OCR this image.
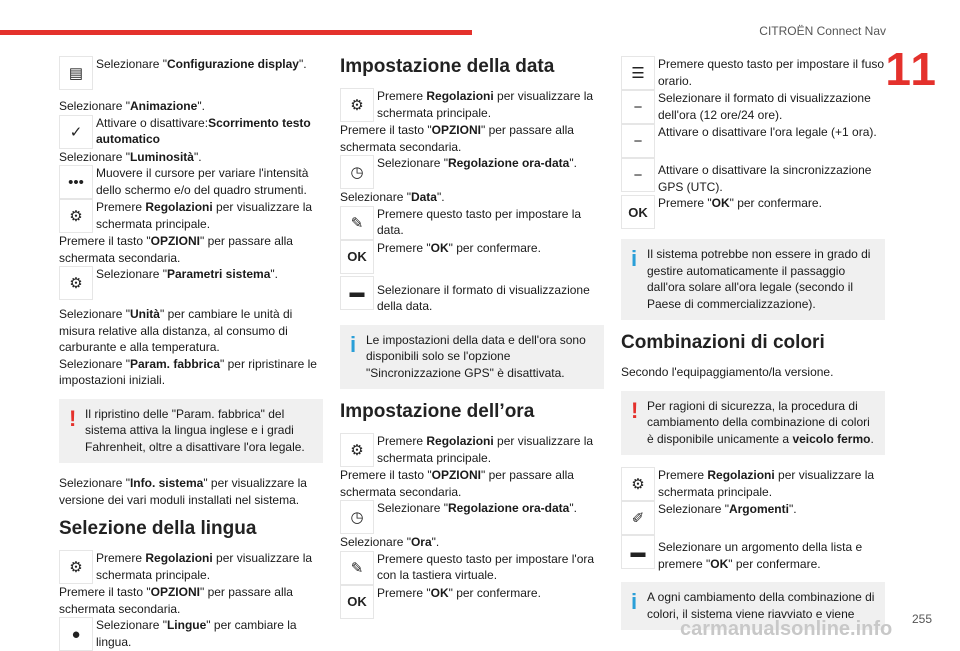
CITROËN Connect Nav
11
▤
Selezionare "Configurazione display".

Selezionare "Animazione".

✓
Attivare o disattivare:Scorrimento testo automatico

Selezionare "Luminosità".

•••
Muovere il cursore per variare l'intensità dello schermo e/o del quadro strumenti.
⚙
Premere Regolazioni per visualizzare la schermata principale.

Premere il tasto "OPZIONI" per passare alla schermata secondaria.

⚙
Selezionare "Parametri sistema".

Selezionare "Unità" per cambiare le unità di misura relative alla distanza, al consumo di carburante e alla temperatura.

Selezionare "Param. fabbrica" per ripristinare le impostazioni iniziali.

! Il ripristino delle "Param. fabbrica" del sistema attiva la lingua inglese e i gradi Fahrenheit, oltre a disattivare l'ora legale.

Selezionare "Info. sistema" per visualizzare la versione dei vari moduli installati nel sistema.

Selezione della lingua
⚙
Premere Regolazioni per visualizzare la schermata principale.

Premere il tasto "OPZIONI" per passare alla schermata secondaria.

●
Selezionare "Lingue" per cambiare la lingua.
Impostazione della data
⚙
Premere Regolazioni per visualizzare la schermata principale.

Premere il tasto "OPZIONI" per passare alla schermata secondaria.

◷
Selezionare "Regolazione ora-data".

Selezionare "Data".

✎
Premere questo tasto per impostare la data.
OK
Premere "OK" per confermare.
▬	Selezionare il formato di visualizzazione della data.
i Le impostazioni della data e dell'ora sono disponibili solo se l'opzione "Sincronizzazione GPS" è disattivata.

Impostazione dell’ora
⚙
Premere Regolazioni per visualizzare la schermata principale.

Premere il tasto "OPZIONI" per passare alla schermata secondaria.

◷
Selezionare "Regolazione ora-data".

Selezionare "Ora".

✎
Premere questo tasto per impostare l'ora con la tastiera virtuale.
OK
Premere "OK" per confermare.
☰
Premere questo tasto per impostare il fuso orario.
−
Selezionare il formato di visualizzazione dell'ora (12 ore/24 ore).
−
Attivare o disattivare l'ora legale (+1 ora).
−	Attivare o disattivare la sincronizzazione GPS (UTC).
OK
Premere "OK" per confermare.
i Il sistema potrebbe non essere in grado di gestire automaticamente il passaggio dall'ora solare all'ora legale (secondo il Paese di commercializzazione).

Combinazioni di colori

Secondo l'equipaggiamento/la versione.

! Per ragioni di sicurezza, la procedura di cambiamento della combinazione di colori è disponibile unicamente a veicolo fermo.

⚙
Premere Regolazioni per visualizzare la schermata principale.
✐
Selezionare "Argomenti".
▬	Selezionare un argomento della lista e premere "OK" per confermare.
i A ogni cambiamento della combinazione di colori, il sistema viene riavviato e viene	255
carmanualsonline.info
